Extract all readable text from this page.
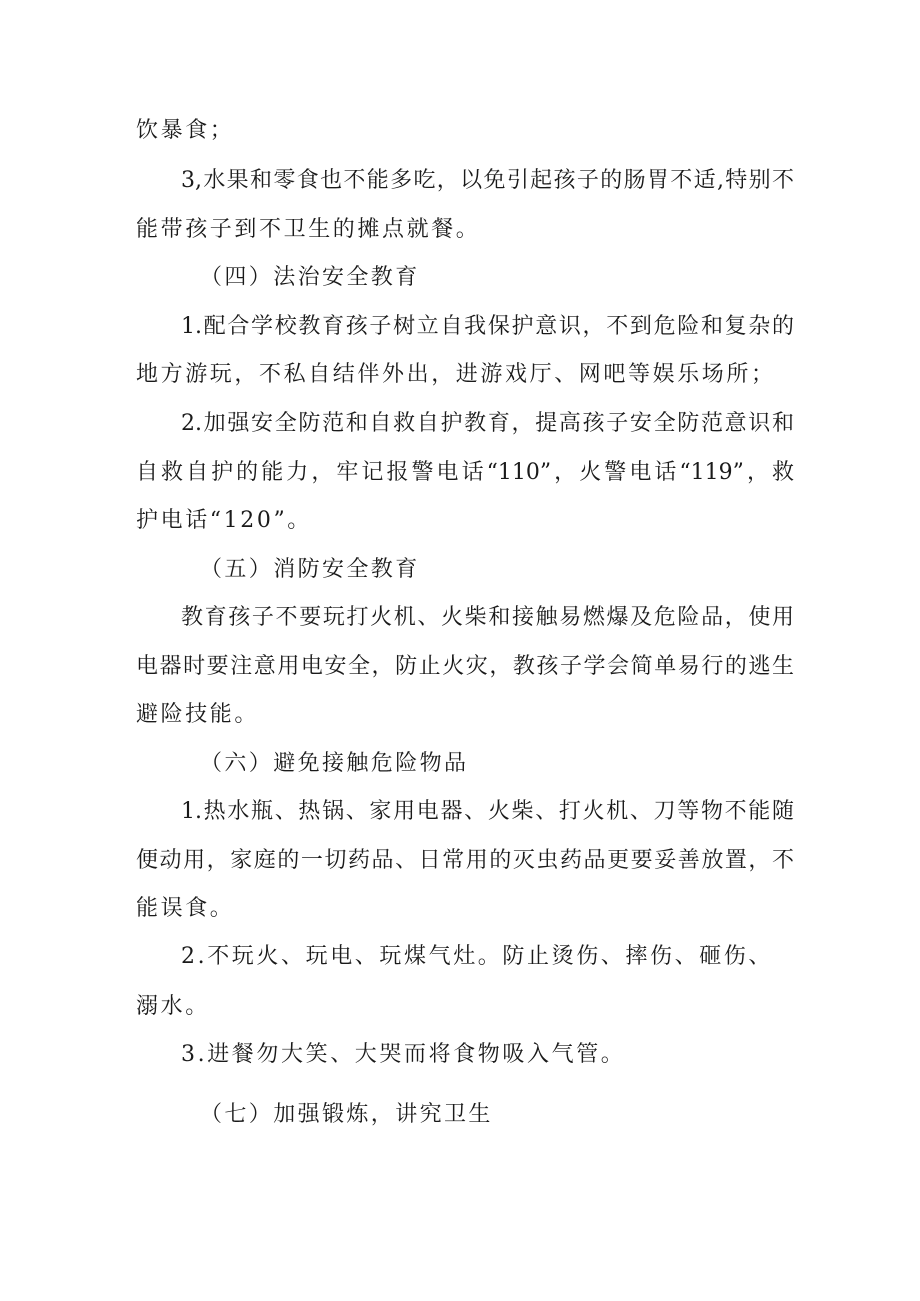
饮暴食；
3,水果和零食也不能多吃，以免引起孩子的肠胃不适,特别不
能带孩子到不卫生的摊点就餐。
（四）法治安全教育
1.配合学校教育孩子树立自我保护意识，不到危险和复杂的
地方游玩，不私自结伴外出，进游戏厅、网吧等娱乐场所；
2.加强安全防范和自救自护教育，提高孩子安全防范意识和
自救自护的能力，牢记报警电话“110”，火警电话“119”，救
护电话“120”。
（五）消防安全教育
教育孩子不要玩打火机、火柴和接触易燃爆及危险品，使用
电器时要注意用电安全，防止火灾，教孩子学会简单易行的逃生
避险技能。
（六）避免接触危险物品
1.热水瓶、热锅、家用电器、火柴、打火机、刀等物不能随
便动用，家庭的一切药品、日常用的灭虫药品更要妥善放置，不
能误食。
2.不玩火、玩电、玩煤气灶。防止烫伤、摔伤、砸伤、
溺水。
3.进餐勿大笑、大哭而将食物吸入气管。
（七）加强锻炼，讲究卫生
